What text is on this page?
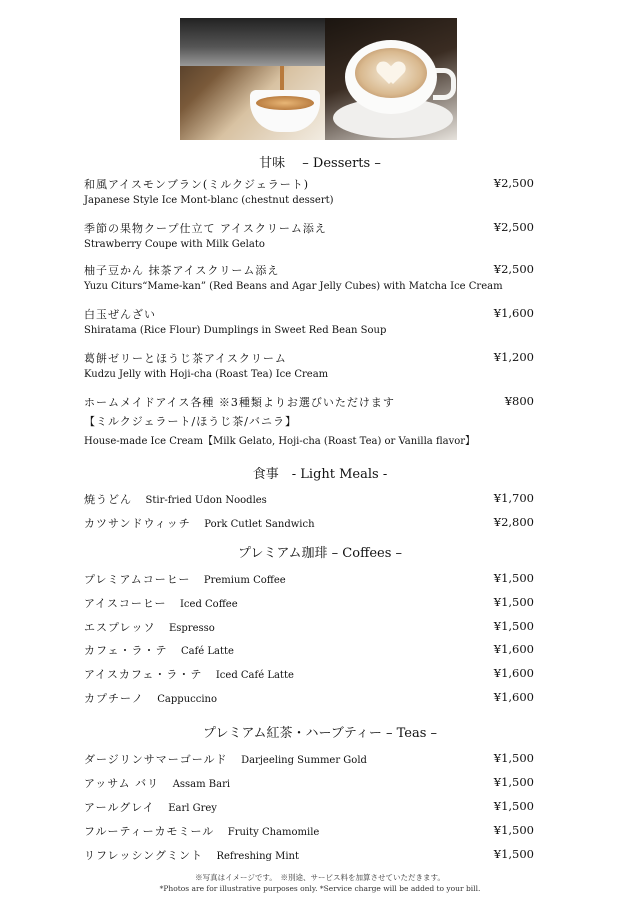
甘味　 – Desserts –
和風アイスモンブラン(ミルクジェラート)
Japanese Style Ice Mont-blanc (chestnut dessert)
¥2,500
季節の果物クープ仕立て アイスクリーム添え
Strawberry Coupe with Milk Gelato
¥2,500
柚子豆かん 抹茶アイスクリーム添え
Yuzu Citurs“Mame-kan” (Red Beans and Agar Jelly Cubes) with Matcha Ice Cream
¥2,500
白玉ぜんざい
Shiratama (Rice Flour) Dumplings in Sweet Red Bean Soup
¥1,600
葛餅ゼリーとほうじ茶アイスクリーム
Kudzu Jelly with Hoji-cha (Roast Tea) Ice Cream
¥1,200
ホームメイドアイス各種 ※3種類よりお選びいただけます
【ミルクジェラート/ほうじ茶/バニラ】
House-made Ice Cream【Milk Gelato, Hoji-cha (Roast Tea) or Vanilla flavor】
¥800
食事　- Light Meals -
焼うどん Stir-fried Udon Noodles	¥1,700
カツサンドウィッチ Pork Cutlet Sandwich	¥2,800
プレミアム珈琲 – Coffees –
プレミアムコーヒー Premium Coffee	¥1,500
アイスコーヒー Iced Coffee	¥1,500
エスプレッソ Espresso	¥1,500
カフェ・ラ・テ Café Latte	¥1,600
アイスカフェ・ラ・テ Iced Café Latte	¥1,600
カプチーノ Cappuccino	¥1,600
プレミアム紅茶・ハーブティー – Teas –
ダージリンサマーゴールド Darjeeling Summer Gold	¥1,500
アッサム バリ Assam Bari	¥1,500
アールグレイ Earl Grey	¥1,500
フルーティーカモミール Fruity Chamomile	¥1,500
リフレッシングミント Refreshing Mint	¥1,500
※写真はイメージです。　※別途、サービス料を加算させていただきます。
*Photos are for illustrative purposes only. *Service charge will be added to your bill.
